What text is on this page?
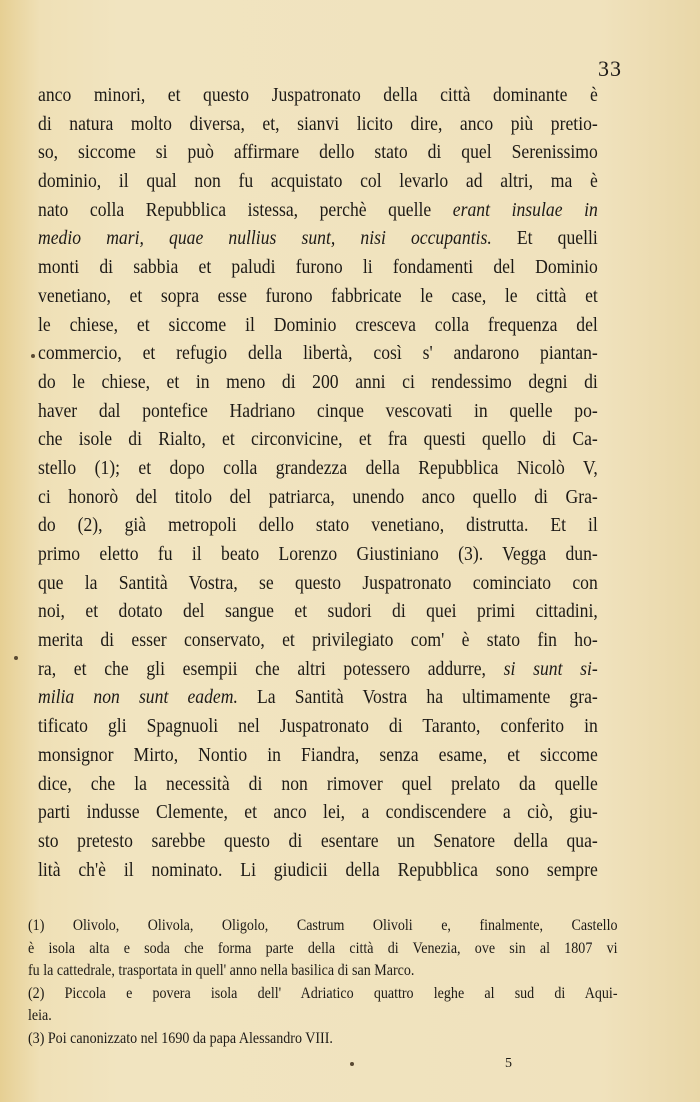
33
anco minori, et questo Juspatronato della città dominante è
di natura molto diversa, et, sianvi licito dire, anco più pretio-
so, siccome si può affirmare dello stato di quel Serenissimo
dominio, il qual non fu acquistato col levarlo ad altri, ma è
nato colla Repubblica istessa, perchè quelle erant insulae in
medio mari, quae nullius sunt, nisi occupantis. Et quelli
monti di sabbia et paludi furono li fondamenti del Dominio
venetiano, et sopra esse furono fabbricate le case, le città et
le chiese, et siccome il Dominio cresceva colla frequenza del
commercio, et refugio della libertà, così s' andarono piantan-
do le chiese, et in meno di 200 anni ci rendessimo degni di
haver dal pontefice Hadriano cinque vescovati in quelle po-
che isole di Rialto, et circonvicine, et fra questi quello di Ca-
stello (1); et dopo colla grandezza della Repubblica Nicolò V,
ci honorò del titolo del patriarca, unendo anco quello di Gra-
do (2), già metropoli dello stato venetiano, distrutta. Et il
primo eletto fu il beato Lorenzo Giustiniano (3). Vegga dun-
que la Santità Vostra, se questo Juspatronato cominciato con
noi, et dotato del sangue et sudori di quei primi cittadini,
merita di esser conservato, et privilegiato com' è stato fin ho-
ra, et che gli esempii che altri potessero addurre, si sunt si-
milia non sunt eadem. La Santità Vostra ha ultimamente gra-
tificato gli Spagnuoli nel Juspatronato di Taranto, conferito in
monsignor Mirto, Nontio in Fiandra, senza esame, et siccome
dice, che la necessità di non rimover quel prelato da quelle
parti indusse Clemente, et anco lei, a condiscendere a ciò, giu-
sto pretesto sarebbe questo di esentare un Senatore della qua-
lità ch'è il nominato. Li giudicii della Repubblica sono sempre
(1) Olivolo, Olivola, Oligolo, Castrum Olivoli e, finalmente, Castello
è isola alta e soda che forma parte della città di Venezia, ove sin al 1807 vi
fu la cattedrale, trasportata in quell' anno nella basilica di san Marco.
(2) Piccola e povera isola dell' Adriatico quattro leghe al sud di Aqui-
leia.
(3) Poi canonizzato nel 1690 da papa Alessandro VIII.
5
